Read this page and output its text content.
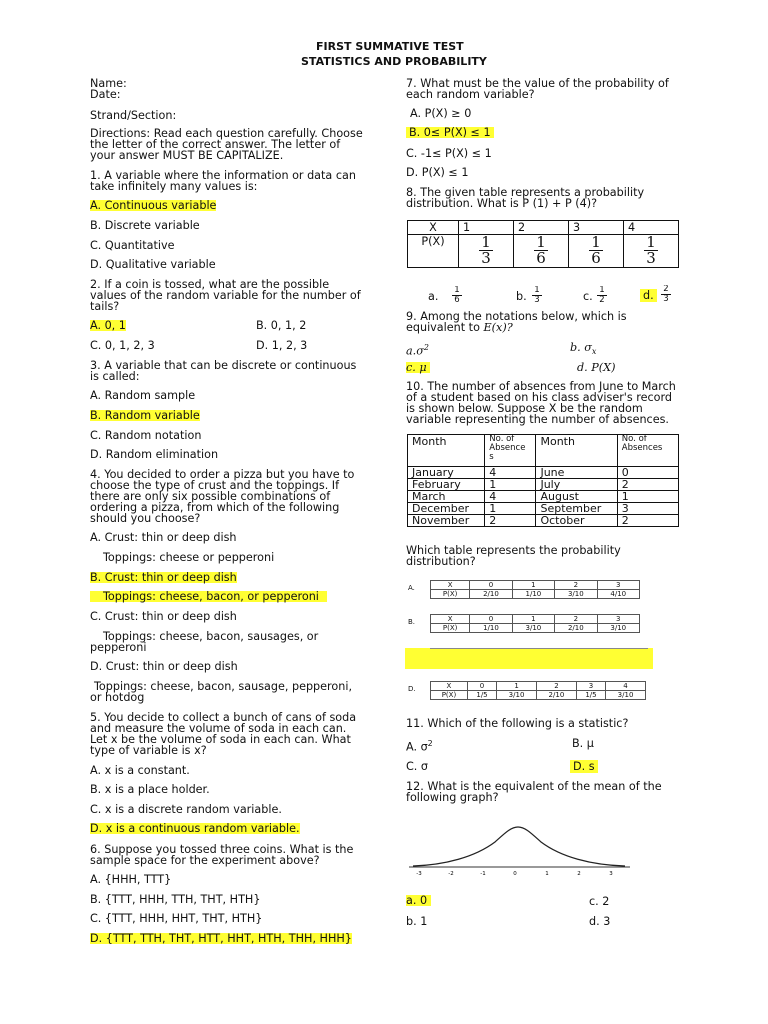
FIRST SUMMATIVE TEST
STATISTICS AND PROBABILITY
Name:
Date:
Strand/Section:
Directions: Read each question carefully. Choose
the letter of the correct answer. The letter of
your answer MUST BE CAPITALIZE.
1. A variable where the information or data can
take infinitely many values is:
A. Continuous variable
B. Discrete variable
C. Quantitative
D. Qualitative variable
2. If a coin is tossed, what are the possible
values of the random variable for the number of
tails?
A. 0, 1	B. 0, 1, 2
C. 0, 1, 2, 3	D. 1, 2, 3
3. A variable that can be discrete or continuous
is called:
A. Random sample
B. Random variable
C. Random notation
D. Random elimination
4. You decided to order a pizza but you have to
choose the type of crust and the toppings. If
there are only six possible combinations of
ordering a pizza, from which of the following
should you choose?
A. Crust: thin or deep dish
Toppings: cheese or pepperoni
B. Crust: thin or deep dish
Toppings: cheese, bacon, or pepperoni
C. Crust: thin or deep dish
Toppings: cheese, bacon, sausages, or
pepperoni
D. Crust: thin or deep dish
Toppings: cheese, bacon, sausage, pepperoni,
or hotdog
5. You decide to collect a bunch of cans of soda
and measure the volume of soda in each can.
Let x be the volume of soda in each can. What
type of variable is x?
A. x is a constant.
B. x is a place holder.
C. x is a discrete random variable.
D. x is a continuous random variable.
6. Suppose you tossed three coins. What is the
sample space for the experiment above?
A. {HHH, TTT}
B. {TTT, HHH, TTH, THT, HTH}
C. {TTT, HHH, HHT, THT, HTH}
D. {TTT, TTH, THT, HTT, HHT, HTH, THH, HHH}
7. What must be the value of the probability of
each random variable?
A. P(X) ≥ 0
B. 0≤ P(X) ≤ 1
C. -1≤ P(X) ≤ 1
D. P(X) ≤ 1
8. The given table represents a probability
distribution. What is P (1) + P (4)?
X	1	2	3	4
P(X)	$\frac{1}{3}$	$\frac{1}{6}$	$\frac{1}{6}$	$\frac{1}{3}$
a.	b.	c.	d.
$\frac{1}{6}$	$\frac{1}{3}$	$\frac{1}{2}$	$\frac{2}{3}$
9. Among the notations below, which is
equivalent to E(x)?
$a.\sigma^2$	b. $\sigma_x$
c. μ	d. P(X)
10. The number of absences from June to March
of a student based on his class adviser's record
is shown below. Suppose X be the random
variable representing the number of absences.
Month	No. of Absence s	Month	No. of Absences
January	4	June	0
February	1	July	2
March	4	August	1
December	1	September	3
November	2	October	2
Which table represents the probability
distribution?
A.	X	0	1	2	3
P(X)	2/10	1/10	3/10	4/10
B.	X	0	1	2	3
P(X)	1/10	3/10	2/10	3/10
D.	X	0	1	2	3	4
P(X)	1/5	3/10	2/10	1/5	3/10
11. Which of the following is a statistic?
A. $\sigma^2$	B. μ
C. σ	D. s
12. What is the equivalent of the mean of the
following graph?
-3	-2	-1	0	1	2	3
a. 0	c. 2
b. 1	d. 3
